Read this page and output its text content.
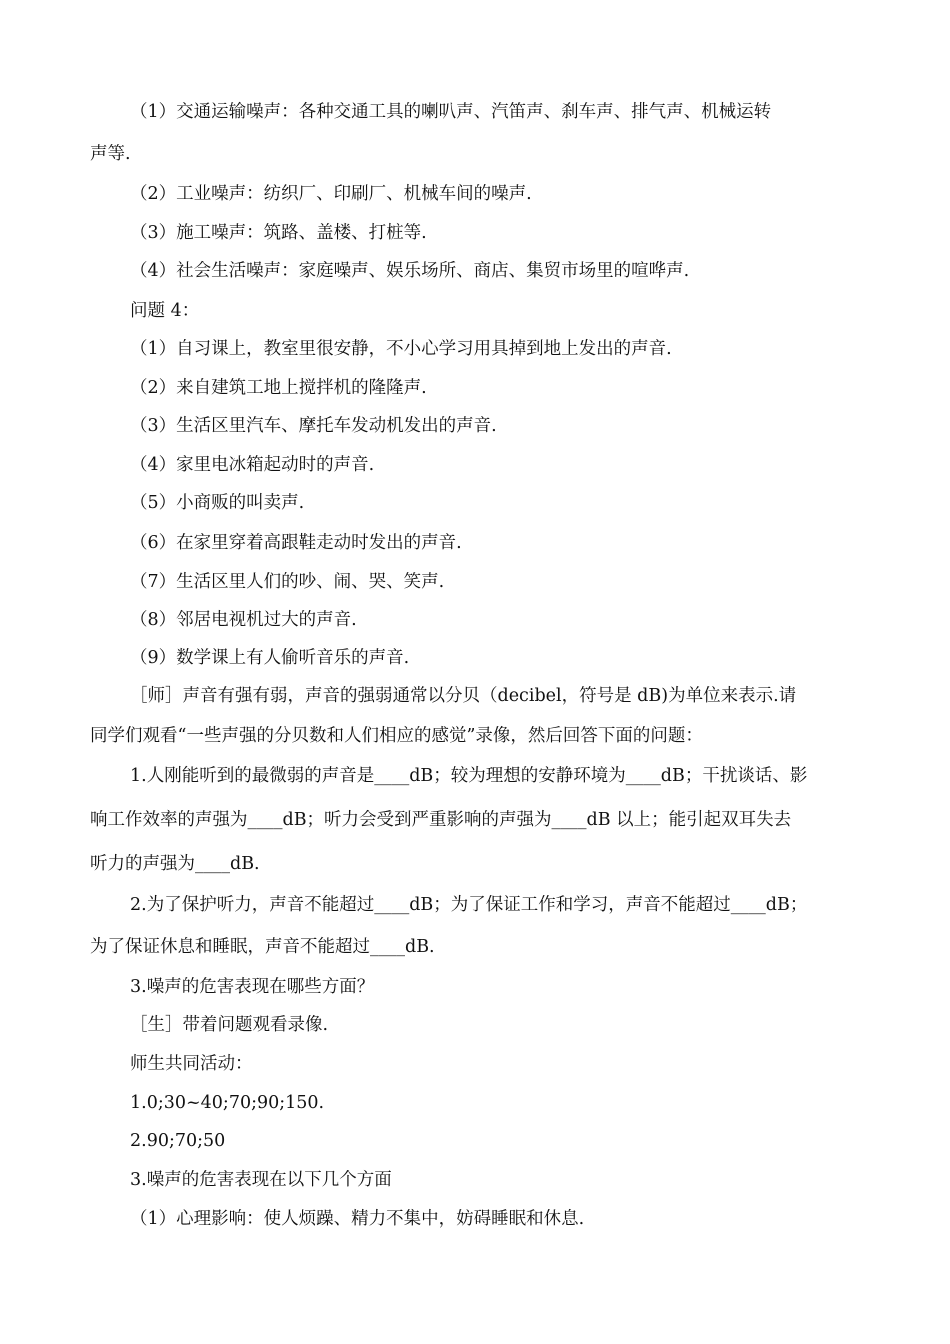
（1）交通运输噪声：各种交通工具的喇叭声、汽笛声、刹车声、排气声、机械运转
声等.
（2）工业噪声：纺织厂、印刷厂、机械车间的噪声.
（3）施工噪声：筑路、盖楼、打桩等.
（4）社会生活噪声：家庭噪声、娱乐场所、商店、集贸市场里的喧哗声.
问题 4：
（1）自习课上，教室里很安静，不小心学习用具掉到地上发出的声音.
（2）来自建筑工地上搅拌机的隆隆声.
（3）生活区里汽车、摩托车发动机发出的声音.
（4）家里电冰箱起动时的声音.
（5）小商贩的叫卖声.
（6）在家里穿着高跟鞋走动时发出的声音.
（7）生活区里人们的吵、闹、哭、笑声.
（8）邻居电视机过大的声音.
（9）数学课上有人偷听音乐的声音.
［师］声音有强有弱，声音的强弱通常以分贝（decibel，符号是 dB)为单位来表示.请
同学们观看“一些声强的分贝数和人们相应的感觉”录像，然后回答下面的问题：
1.人刚能听到的最微弱的声音是____dB；较为理想的安静环境为____dB；干扰谈话、影
响工作效率的声强为____dB；听力会受到严重影响的声强为____dB 以上；能引起双耳失去
听力的声强为____dB.
2.为了保护听力，声音不能超过____dB；为了保证工作和学习，声音不能超过____dB；
为了保证休息和睡眠，声音不能超过____dB.
3.噪声的危害表现在哪些方面？
［生］带着问题观看录像.
师生共同活动：
1.0;30~40;70;90;150.
2.90;70;50
3.噪声的危害表现在以下几个方面
（1）心理影响：使人烦躁、精力不集中，妨碍睡眠和休息.
